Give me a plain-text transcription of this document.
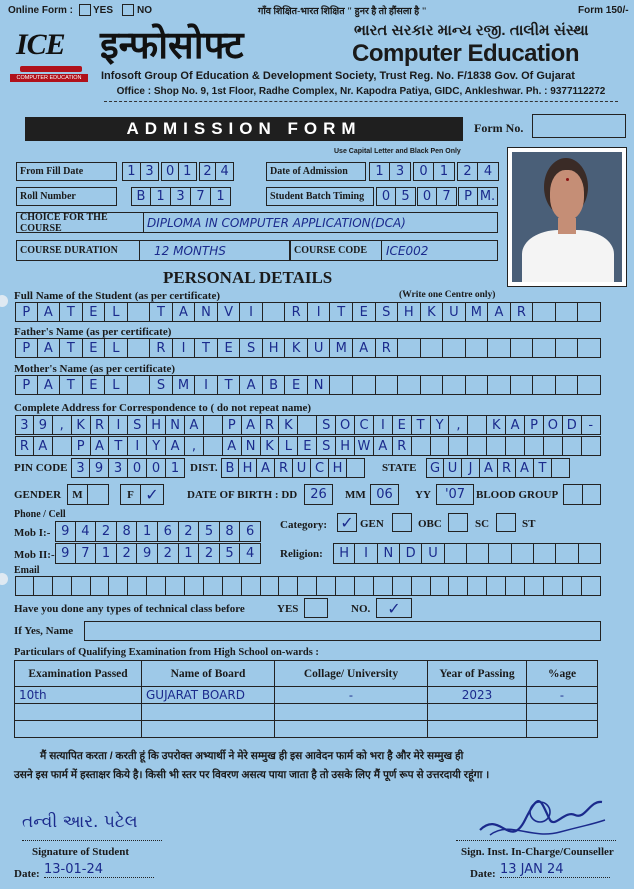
Online Form : YES NO	गाँव शिक्षित-भारत शिक्षित " हुनर है तो हौंसला है "	Form 150/-
ICE
COMPUTER EDUCATION
इन्फोसोफ्ट	ભારત સરકાર માન્ય રજી. તાલીમ સંસ્થા
Computer Education
Infosoft Group Of Education & Development Society, Trust Reg. No. F/1838 Gov. Of Gujarat
Office : Shop No. 9, 1st Floor, Radhe Complex, Nr. Kapodra Patiya, GIDC, Ankleshwar. Ph. : 9377112272
ADMISSION FORM	Form No.
Use Capital Letter and Black Pen Only
From Fill Date	1 3 0 1 2 4	Date of Admission	1 3	0 1	2 4
Roll Number	B 1 3 7 1	Student Batch Timing	0 5	0 7	P M.
CHOICE FOR THE COURSE	DIPLOMA IN COMPUTER APPLICATION(DCA)
COURSE DURATION	12 MONTHS	COURSE CODE	ICE002
PERSONAL DETAILS
Full Name of the Student (as per certificate)	(Write one Centre only)
P	A	T	E	L	T	A	N	V	I	R	I	T	E	S	H	K	U M A	R
Father's Name (as per certificate)
P	A	T	E	L	R	I	T	E	S	H	K	U M A	R
Mother's Name (as per certificate)
P	A	T	E	L	S M	I	T	A	B	E	N
Complete Address for Correspondence to ( do not repeat name)
3 9 , K R I S H N A	P A R K	S O C I E T Y ,	K A P O D -
R A	P A T I	Y A ,	A N K L E S H W A R
PIN CODE 3 9 3 0 0 1 DIST. B H A R U C H	STATE	G U J A R A T
GENDER	M	F ✓	DATE OF BIRTH : DD 26	MM 06	YY	'07 BLOOD GROUP
Phone / Cell
Mob I:- 9 4 2 8 1 6 2 5 8 6
Mob II:- 9 7 1 2 9 2 1 2 5 4
Email
Category: ✓ GEN	OBC	SC	ST
Religion:	H	I	N D U
Have you done any types of technical class before	YES	NO.	✓
If Yes, Name
Particulars of Qualifying Examination from High School on-wards :
Examination Passed	Name of Board	Collage/ University	Year of Passing	%age
10th	GUJARAT BOARD	-	2023	-

मैं सत्यापित करता / करती हूं कि उपरोक्त अभ्यार्थी ने मेरे सम्मुख ही इस आवेदन फार्म को भरा है और मेरे सम्मुख ही
उसने इस फार्म में हस्ताक्षर किये है। किसी भी स्तर पर विवरण असत्य पाया जाता है तो उसके लिए मैं पूर्ण रूप से उत्तरदायी रहूंगा ।
તન્વી આર. પટેલ
Signature of Student
Date: 13-01-24
Sign. Inst. In-Charge/Counseller
Date: 13 JAN 24
